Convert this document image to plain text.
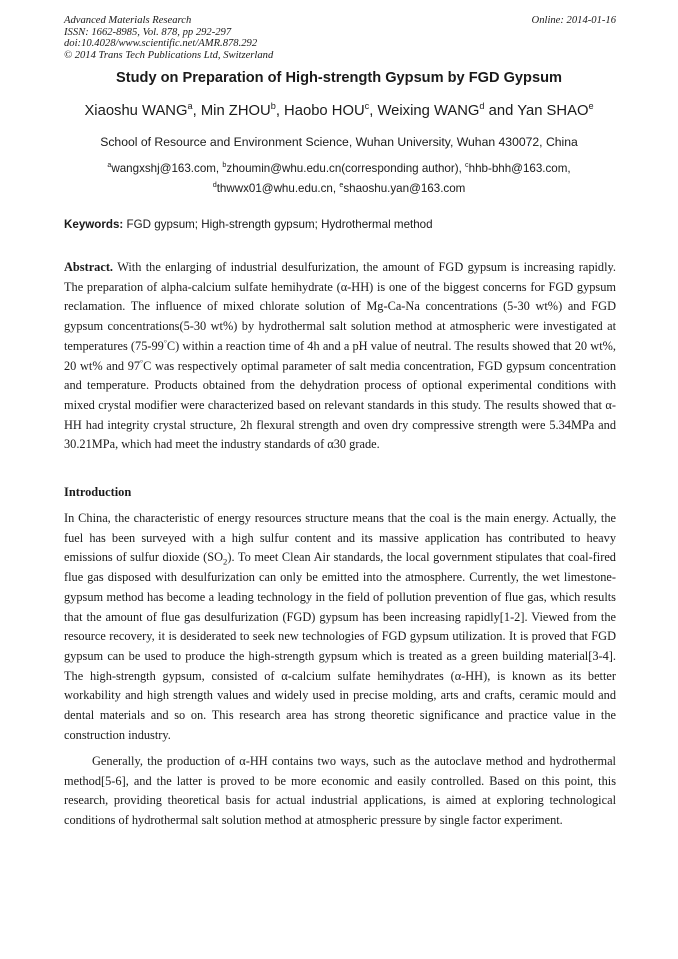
Advanced Materials Research
ISSN: 1662-8985, Vol. 878, pp 292-297
doi:10.4028/www.scientific.net/AMR.878.292
© 2014 Trans Tech Publications Ltd, Switzerland
Online: 2014-01-16
Study on Preparation of High-strength Gypsum by FGD Gypsum
Xiaoshu WANG$^a$, Min ZHOU$^b$, Haobo HOU$^c$, Weixing WANG$^d$ and Yan SHAO$^e$
School of Resource and Environment Science, Wuhan University, Wuhan 430072, China
$^a$wangxshj@163.com, $^b$zhoumin@whu.edu.cn(corresponding author), $^c$hhb-bhh@163.com,
$^d$thwwx01@whu.edu.cn, $^e$shaoshu.yan@163.com
Keywords: FGD gypsum; High-strength gypsum; Hydrothermal method

Abstract. With the enlarging of industrial desulfurization, the amount of FGD gypsum is increasing rapidly. The preparation of alpha-calcium sulfate hemihydrate (α-HH) is one of the biggest concerns for FGD gypsum reclamation. The influence of mixed chlorate solution of Mg-Ca-Na concentrations (5-30 wt%) and FGD gypsum concentrations(5-30 wt%) by hydrothermal salt solution method at atmospheric were investigated at temperatures (75-99°C) within a reaction time of 4h and a pH value of neutral. The results showed that 20 wt%, 20 wt% and 97°C was respectively optimal parameter of salt media concentration, FGD gypsum concentration and temperature. Products obtained from the dehydration process of optional experimental conditions with mixed crystal modifier were characterized based on relevant standards in this study. The results showed that α-HH had integrity crystal structure, 2h flexural strength and oven dry compressive strength were 5.34MPa and 30.21MPa, which had meet the industry standards of α30 grade.

Introduction

In China, the characteristic of energy resources structure means that the coal is the main energy. Actually, the fuel has been surveyed with a high sulfur content and its massive application has contributed to heavy emissions of sulfur dioxide $(SO_2)$. To meet Clean Air standards, the local government stipulates that coal-fired flue gas disposed with desulfurization can only be emitted into the atmosphere. Currently, the wet limestone-gypsum method has become a leading technology in the field of pollution prevention of flue gas, which results that the amount of flue gas desulfurization (FGD) gypsum has been increasing rapidly[1-2]. Viewed from the resource recovery, it is desiderated to seek new technologies of FGD gypsum utilization. It is proved that FGD gypsum can be used to produce the high-strength gypsum which is treated as a green building material[3-4]. The high-strength gypsum, consisted of α-calcium sulfate hemihydrates (α-HH), is known as its better workability and high strength values and widely used in precise molding, arts and crafts, ceramic mould and dental materials and so on. This research area has strong theoretic significance and practice value in the construction industry.

Generally, the production of α-HH contains two ways, such as the autoclave method and hydrothermal method[5-6], and the latter is proved to be more economic and easily controlled. Based on this point, this research, providing theoretical basis for actual industrial applications, is aimed at exploring technological conditions of hydrothermal salt solution method at atmospheric pressure by single factor experiment.
